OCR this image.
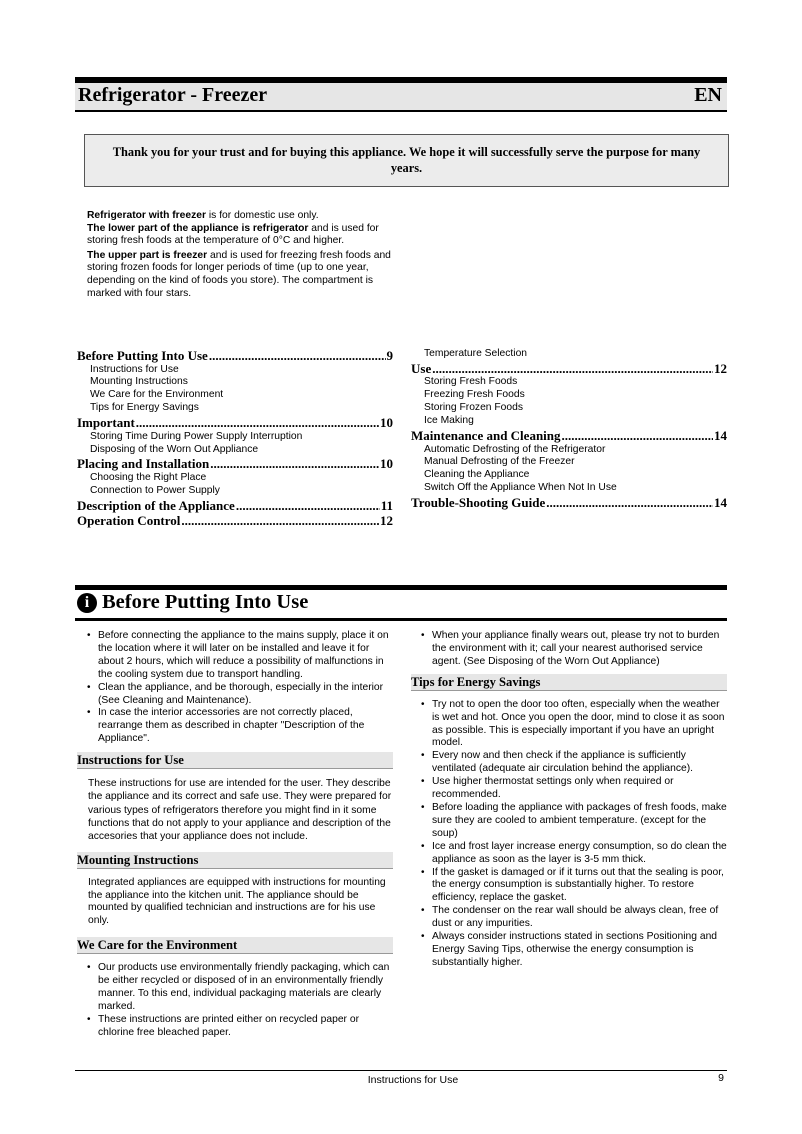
Refrigerator - Freezer	EN
Thank you for your trust and for buying this appliance. We hope it will successfully serve the purpose for many years.

Refrigerator with freezer is for domestic use only.
The lower part of the appliance is refrigerator and is used for storing fresh foods at the temperature of 0°C and higher.

The upper part is freezer and is used for freezing fresh foods and storing frozen foods for longer periods of time (up to one year, depending on the kind of foods you store). The compartment is marked with four stars.

Before Putting Into Use .....	9
Instructions for Use
Mounting Instructions
We Care for the Environment
Tips for Energy Savings
Important .....	10
Storing Time During Power Supply Interruption
Disposing of the Worn Out Appliance
Placing and Installation .....	10
Choosing the Right Place
Connection to Power Supply
Description of the Appliance .....	11
Operation Control .....	12
Temperature Selection
Use .....	12
Storing Fresh Foods
Freezing Fresh Foods
Storing Frozen Foods
Ice Making
Maintenance and Cleaning .....	14
Automatic Defrosting of the Refrigerator
Manual Defrosting of the Freezer
Cleaning the Appliance
Switch Off the Appliance When Not In Use
Trouble-Shooting Guide .....	14
i Before Putting Into Use
• Before connecting the appliance to the mains supply, place it on the location where it will later on be installed and leave it for about 2 hours, which will reduce a possibility of malfunctions in the cooling system due to transport handling.
• Clean the appliance, and be thorough, especially in the interior (See Cleaning and Maintenance).
• In case the interior accessories are not correctly placed, rearrange them as described in chapter "Description of the Appliance".
Instructions for Use
These instructions for use are intended for the user. They describe the appliance and its correct and safe use. They were prepared for various types of refrigerators therefore you might find in it some functions that do not apply to your appliance and description of the accesories that your appliance does not include.
Mounting Instructions
Integrated appliances are equipped with instructions for mounting the appliance into the kitchen unit. The appliance should be mounted by qualified technician and instructions are for his use only.
We Care for the Environment
• Our products use environmentally friendly packaging, which can be either recycled or disposed of in an environmentally friendly manner. To this end, individual packaging materials are clearly marked.
• These instructions are printed either on recycled paper or chlorine free bleached paper.
• When your appliance finally wears out, please try not to burden the environment with it; call your nearest authorised service agent. (See Disposing of the Worn Out Appliance)
Tips for Energy Savings
• Try not to open the door too often, especially when the weather is wet and hot. Once you open the door, mind to close it as soon as possible. This is especially important if you have an upright model.
• Every now and then check if the appliance is sufficiently ventilated (adequate air circulation behind the appliance).
• Use higher thermostat settings only when required or recommended.
• Before loading the appliance with packages of fresh foods, make sure they are cooled to ambient temperature. (except for the soup)
• Ice and frost layer increase energy consumption, so do clean the appliance as soon as the layer is 3-5 mm thick.
• If the gasket is damaged or if it turns out that the sealing is poor, the energy consumption is substantially higher. To restore efficiency, replace the gasket.
• The condenser on the rear wall should be always clean, free of dust or any impurities.
• Always consider instructions stated in sections Positioning and Energy Saving Tips, otherwise the energy consumption is substantially higher.
Instructions for Use	9
